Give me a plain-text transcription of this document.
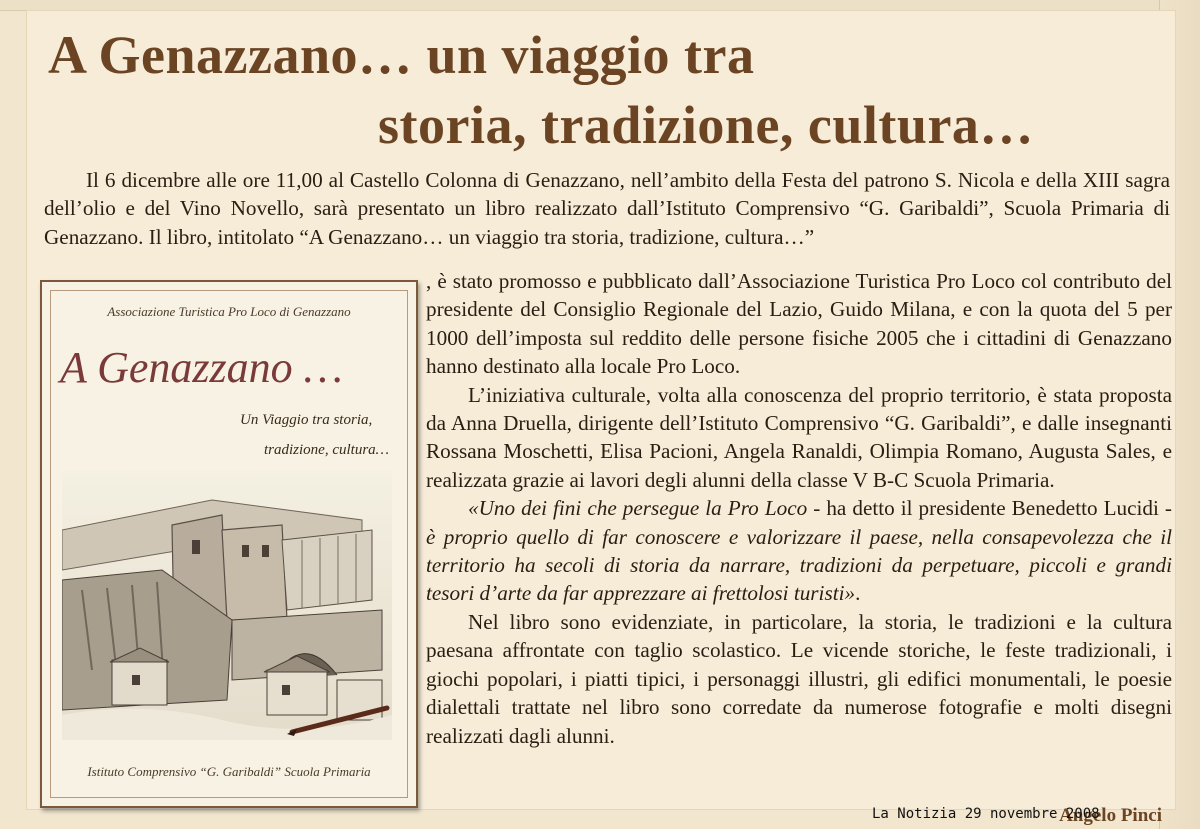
A Genazzano… un viaggio tra
storia, tradizione, cultura…

Il 6 dicembre alle ore 11,00 al Castello Colonna di Genazzano, nell’ambito della Festa del patrono S. Nicola e della XIII sagra dell’olio e del Vino Novello, sarà presentato un libro realizzato dall’Istituto Comprensivo “G. Garibaldi”, Scuola Primaria di Genazzano. Il libro, intitolato “A Genazzano… un viaggio tra storia, tradizione, cultura…”

Associazione Turistica Pro Loco di Genazzano
A Genazzano …
Un Viaggio tra storia,
tradizione, cultura…
Istituto Comprensivo “G. Garibaldi” Scuola Primaria

, è stato promosso e pubblicato dall’Associazione Turistica Pro Loco col contributo del presidente del Consiglio Regionale del Lazio, Guido Milana, e con la quota del 5 per 1000 dell’imposta sul reddito delle persone fisiche 2005 che i cittadini di Genazzano hanno destinato alla locale Pro Loco.

L’iniziativa culturale, volta alla conoscenza del proprio territorio, è stata proposta da Anna Druella, dirigente dell’Istituto Comprensivo “G. Garibaldi”, e dalle insegnanti Rossana Moschetti, Elisa Pacioni, Angela Ranaldi, Olimpia Romano, Augusta Sales, e realizzata grazie ai lavori degli alunni della classe V B-C Scuola Primaria.

«Uno dei fini che persegue la Pro Loco - ha detto il presidente Benedetto Lucidi - è proprio quello di far conoscere e valorizzare il paese, nella consapevolezza che il territorio ha secoli di storia da narrare, tradizioni da perpetuare, piccoli e grandi tesori d’arte da far apprezzare ai frettolosi turisti».

Nel libro sono evidenziate, in particolare, la storia, le tradizioni e la cultura paesana affrontate con taglio scolastico. Le vicende storiche, le feste tradizionali, i giochi popolari, i piatti tipici, i personaggi illustri, gli edifici monumentali, le poesie dialettali trattate nel libro sono corredate da numerose fotografie e molti disegni realizzati dagli alunni.

Angelo Pinci
La Notizia 29 novembre 2008
